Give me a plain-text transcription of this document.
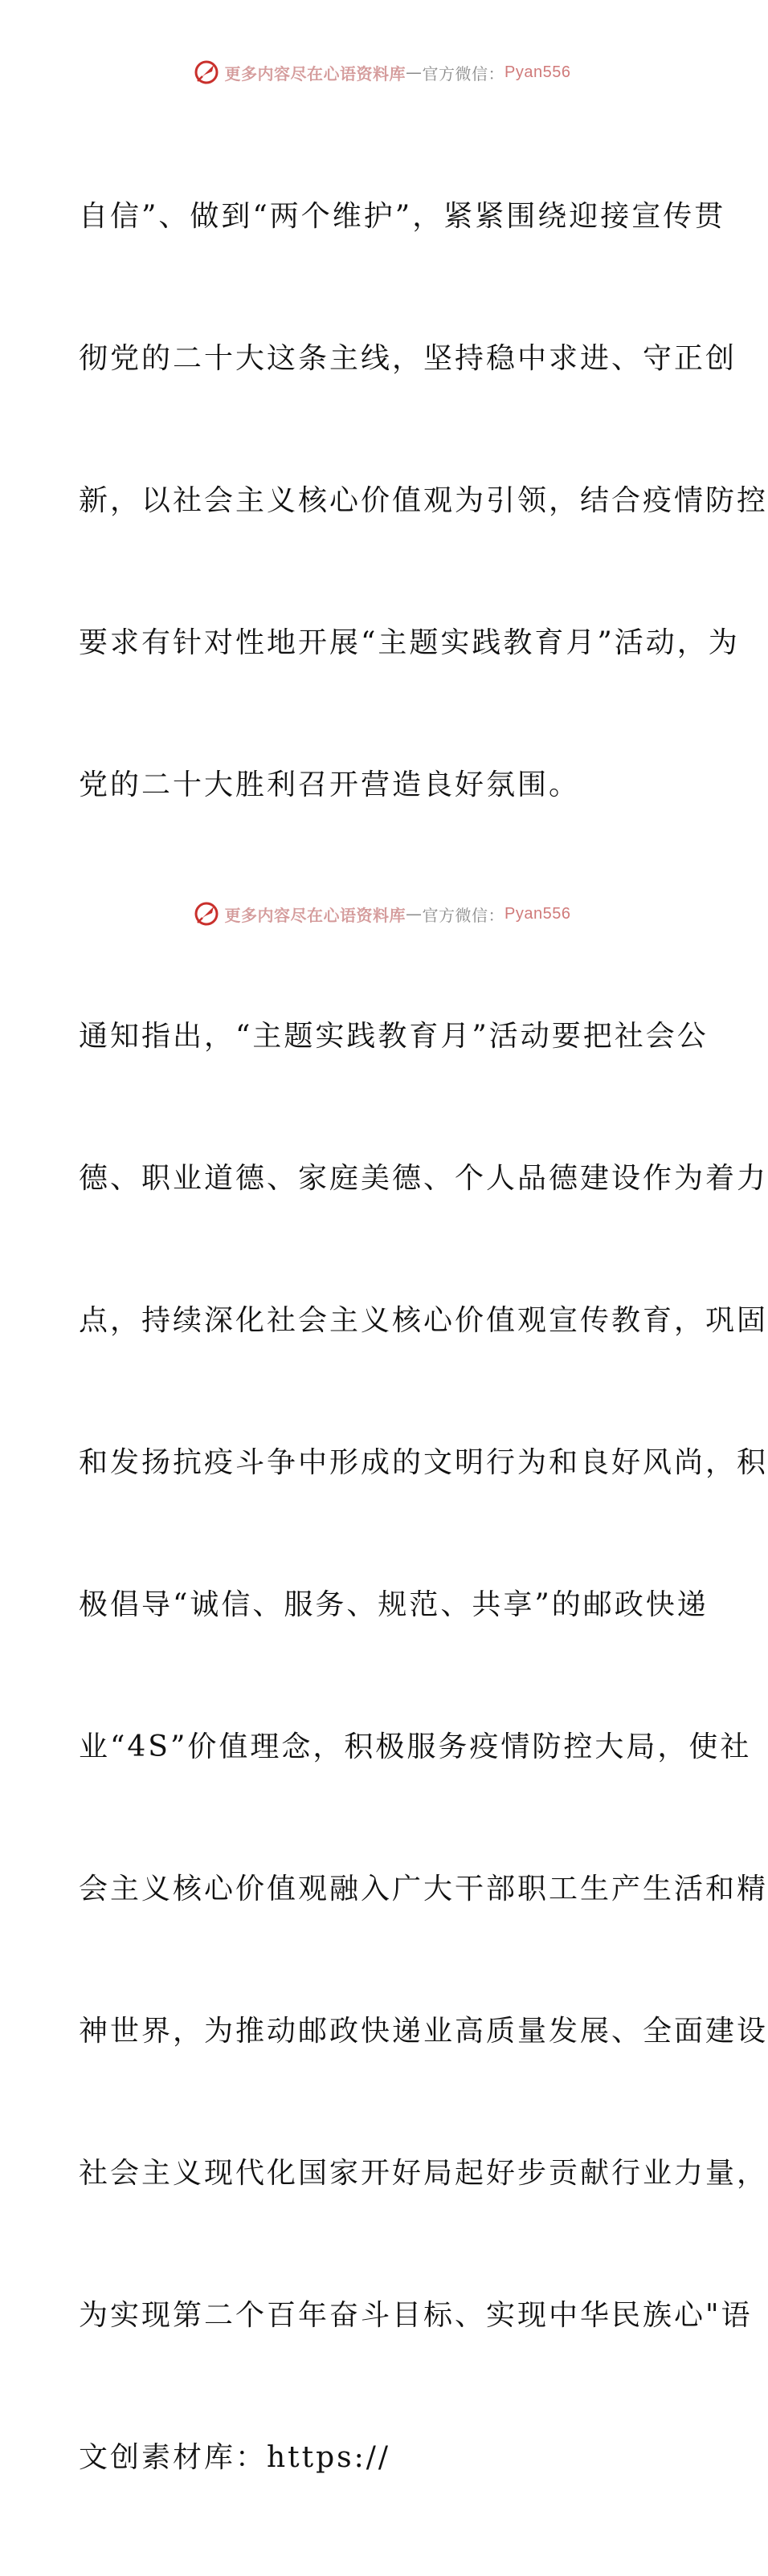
更多内容尽在心语资料库 — 官方微信： Pyan556

自信”、做到“两个维护”，紧紧围绕迎接宣传贯

彻党的二十大这条主线，坚持稳中求进、守正创

新，以社会主义核心价值观为引领，结合疫情防控

要求有针对性地开展“主题实践教育月”活动，为

党的二十大胜利召开营造良好氛围。

通知指出，“主题实践教育月”活动要把社会公

德、职业道德、家庭美德、个人品德建设作为着力

点，持续深化社会主义核心价值观宣传教育，巩固

和发扬抗疫斗争中形成的文明行为和良好风尚，积

极倡导“诚信、服务、规范、共享”的邮政快递

业“4S”价值理念，积极服务疫情防控大局，使社

会主义核心价值观融入广大干部职工生产生活和精

神世界，为推动邮政快递业高质量发展、全面建设

社会主义现代化国家开好局起好步贡献行业力量，

为实现第二个百年奋斗目标、实现中华民族心"语

文创素材库：https://

更多内容尽在心语资料库 — 官方微信： Pyan556
